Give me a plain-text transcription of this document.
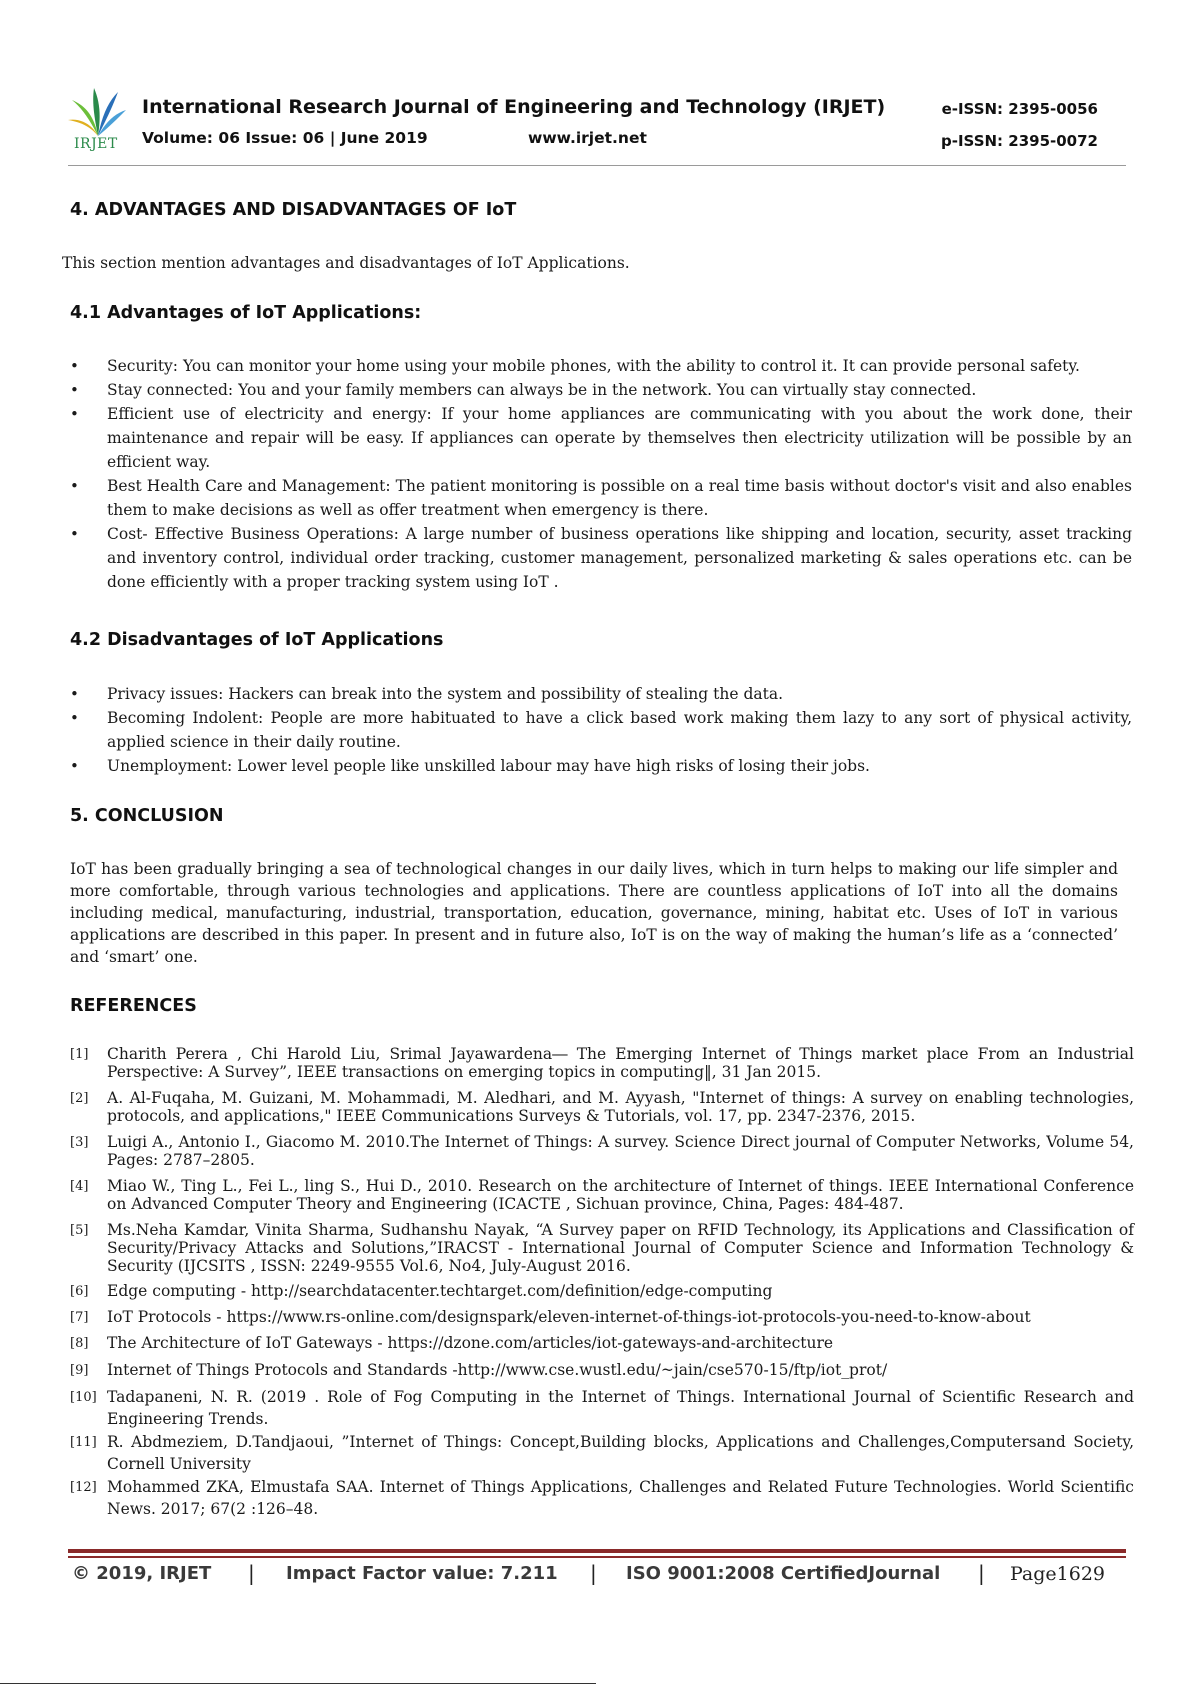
IRJET
International Research Journal of Engineering and Technology (IRJET)
Volume: 06 Issue: 06 | June 2019	www.irjet.net
e-ISSN: 2395-0056
p-ISSN: 2395-0072
4. ADVANTAGES AND DISADVANTAGES OF IoT

This section mention advantages and disadvantages of IoT Applications.

4.1 Advantages of IoT Applications:
• Security: You can monitor your home using your mobile phones, with the ability to control it. It can provide personal safety.
• Stay connected: You and your family members can always be in the network. You can virtually stay connected.
• Efficient use of electricity and energy: If your home appliances are communicating with you about the work done, their maintenance and repair will be easy. If appliances can operate by themselves then electricity utilization will be possible by an efficient way.
• Best Health Care and Management: The patient monitoring is possible on a real time basis without doctor's visit and also enables them to make decisions as well as offer treatment when emergency is there.
• Cost- Effective Business Operations: A large number of business operations like shipping and location, security, asset tracking and inventory control, individual order tracking, customer management, personalized marketing & sales operations etc. can be done efficiently with a proper tracking system using IoT .
4.2 Disadvantages of IoT Applications
• Privacy issues: Hackers can break into the system and possibility of stealing the data.
• Becoming Indolent: People are more habituated to have a click based work making them lazy to any sort of physical activity, applied science in their daily routine.
• Unemployment: Lower level people like unskilled labour may have high risks of losing their jobs.
5. CONCLUSION

IoT has been gradually bringing a sea of technological changes in our daily lives, which in turn helps to making our life simpler and more comfortable, through various technologies and applications. There are countless applications of IoT into all the domains including medical, manufacturing, industrial, transportation, education, governance, mining, habitat etc. Uses of IoT in various applications are described in this paper. In present and in future also, IoT is on the way of making the human’s life as a ‘connected’ and ‘smart’ one.

REFERENCES
[1] Charith Perera , Chi Harold Liu, Srimal Jayawardena― The Emerging Internet of Things market place From an Industrial Perspective: A Survey”, IEEE transactions on emerging topics in computing‖, 31 Jan 2015.
[2] A. Al-Fuqaha, M. Guizani, M. Mohammadi, M. Aledhari, and M. Ayyash, "Internet of things: A survey on enabling technologies, protocols, and applications," IEEE Communications Surveys & Tutorials, vol. 17, pp. 2347-2376, 2015.
[3] Luigi A., Antonio I., Giacomo M. 2010.The Internet of Things: A survey. Science Direct journal of Computer Networks, Volume 54, Pages: 2787–2805.
[4] Miao W., Ting L., Fei L., ling S., Hui D., 2010. Research on the architecture of Internet of things. IEEE International Conference on Advanced Computer Theory and Engineering (ICACTE , Sichuan province, China, Pages: 484-487.
[5] Ms.Neha Kamdar, Vinita Sharma, Sudhanshu Nayak, “A Survey paper on RFID Technology, its Applications and Classification of Security/Privacy Attacks and Solutions,”IRACST - International Journal of Computer Science and Information Technology & Security (IJCSITS , ISSN: 2249-9555 Vol.6, No4, July-August 2016.
[6] Edge computing - http://searchdatacenter.techtarget.com/definition/edge-computing
[7] IoT Protocols - https://www.rs-online.com/designspark/eleven-internet-of-things-iot-protocols-you-need-to-know-about
[8] The Architecture of IoT Gateways - https://dzone.com/articles/iot-gateways-and-architecture
[9] Internet of Things Protocols and Standards -http://www.cse.wustl.edu/~jain/cse570-15/ftp/iot_prot/
[10] Tadapaneni, N. R. (2019 . Role of Fog Computing in the Internet of Things. International Journal of Scientific Research and Engineering Trends.
[11] R. Abdmeziem, D.Tandjaoui, ”Internet of Things: Concept,Building blocks, Applications and Challenges,Computersand Society, Cornell University
[12] Mohammed ZKA, Elmustafa SAA. Internet of Things Applications, Challenges and Related Future Technologies. World Scientific News. 2017; 67(2 :126–48.
© 2019, IRJET | Impact Factor value: 7.211 | ISO 9001:2008 CertifiedJournal | Page1629
